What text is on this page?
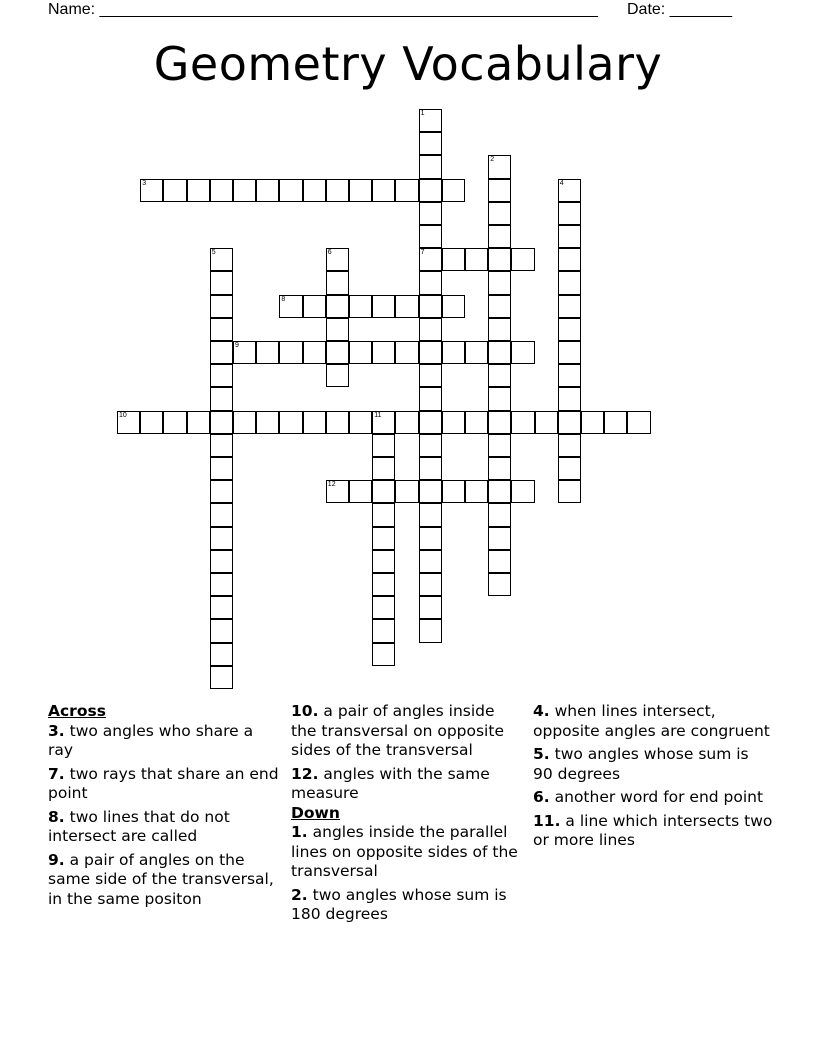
Name: ________________________________________________________ Date: _______
Geometry Vocabulary
1
7
2
3	4
5	6
8
9
10	11
12

Across

3. two angles who share a ray

7. two rays that share an end point

8. two lines that do not intersect are called

9. a pair of angles on the same side of the transversal, in the same positon

10. a pair of angles inside the transversal on opposite sides of the transversal

12. angles with the same measure

Down

1. angles inside the parallel lines on opposite sides of the transversal

2. two angles whose sum is 180 degrees

4. when lines intersect, opposite angles are congruent

5. two angles whose sum is 90 degrees

6. another word for end point

11. a line which intersects two or more lines
